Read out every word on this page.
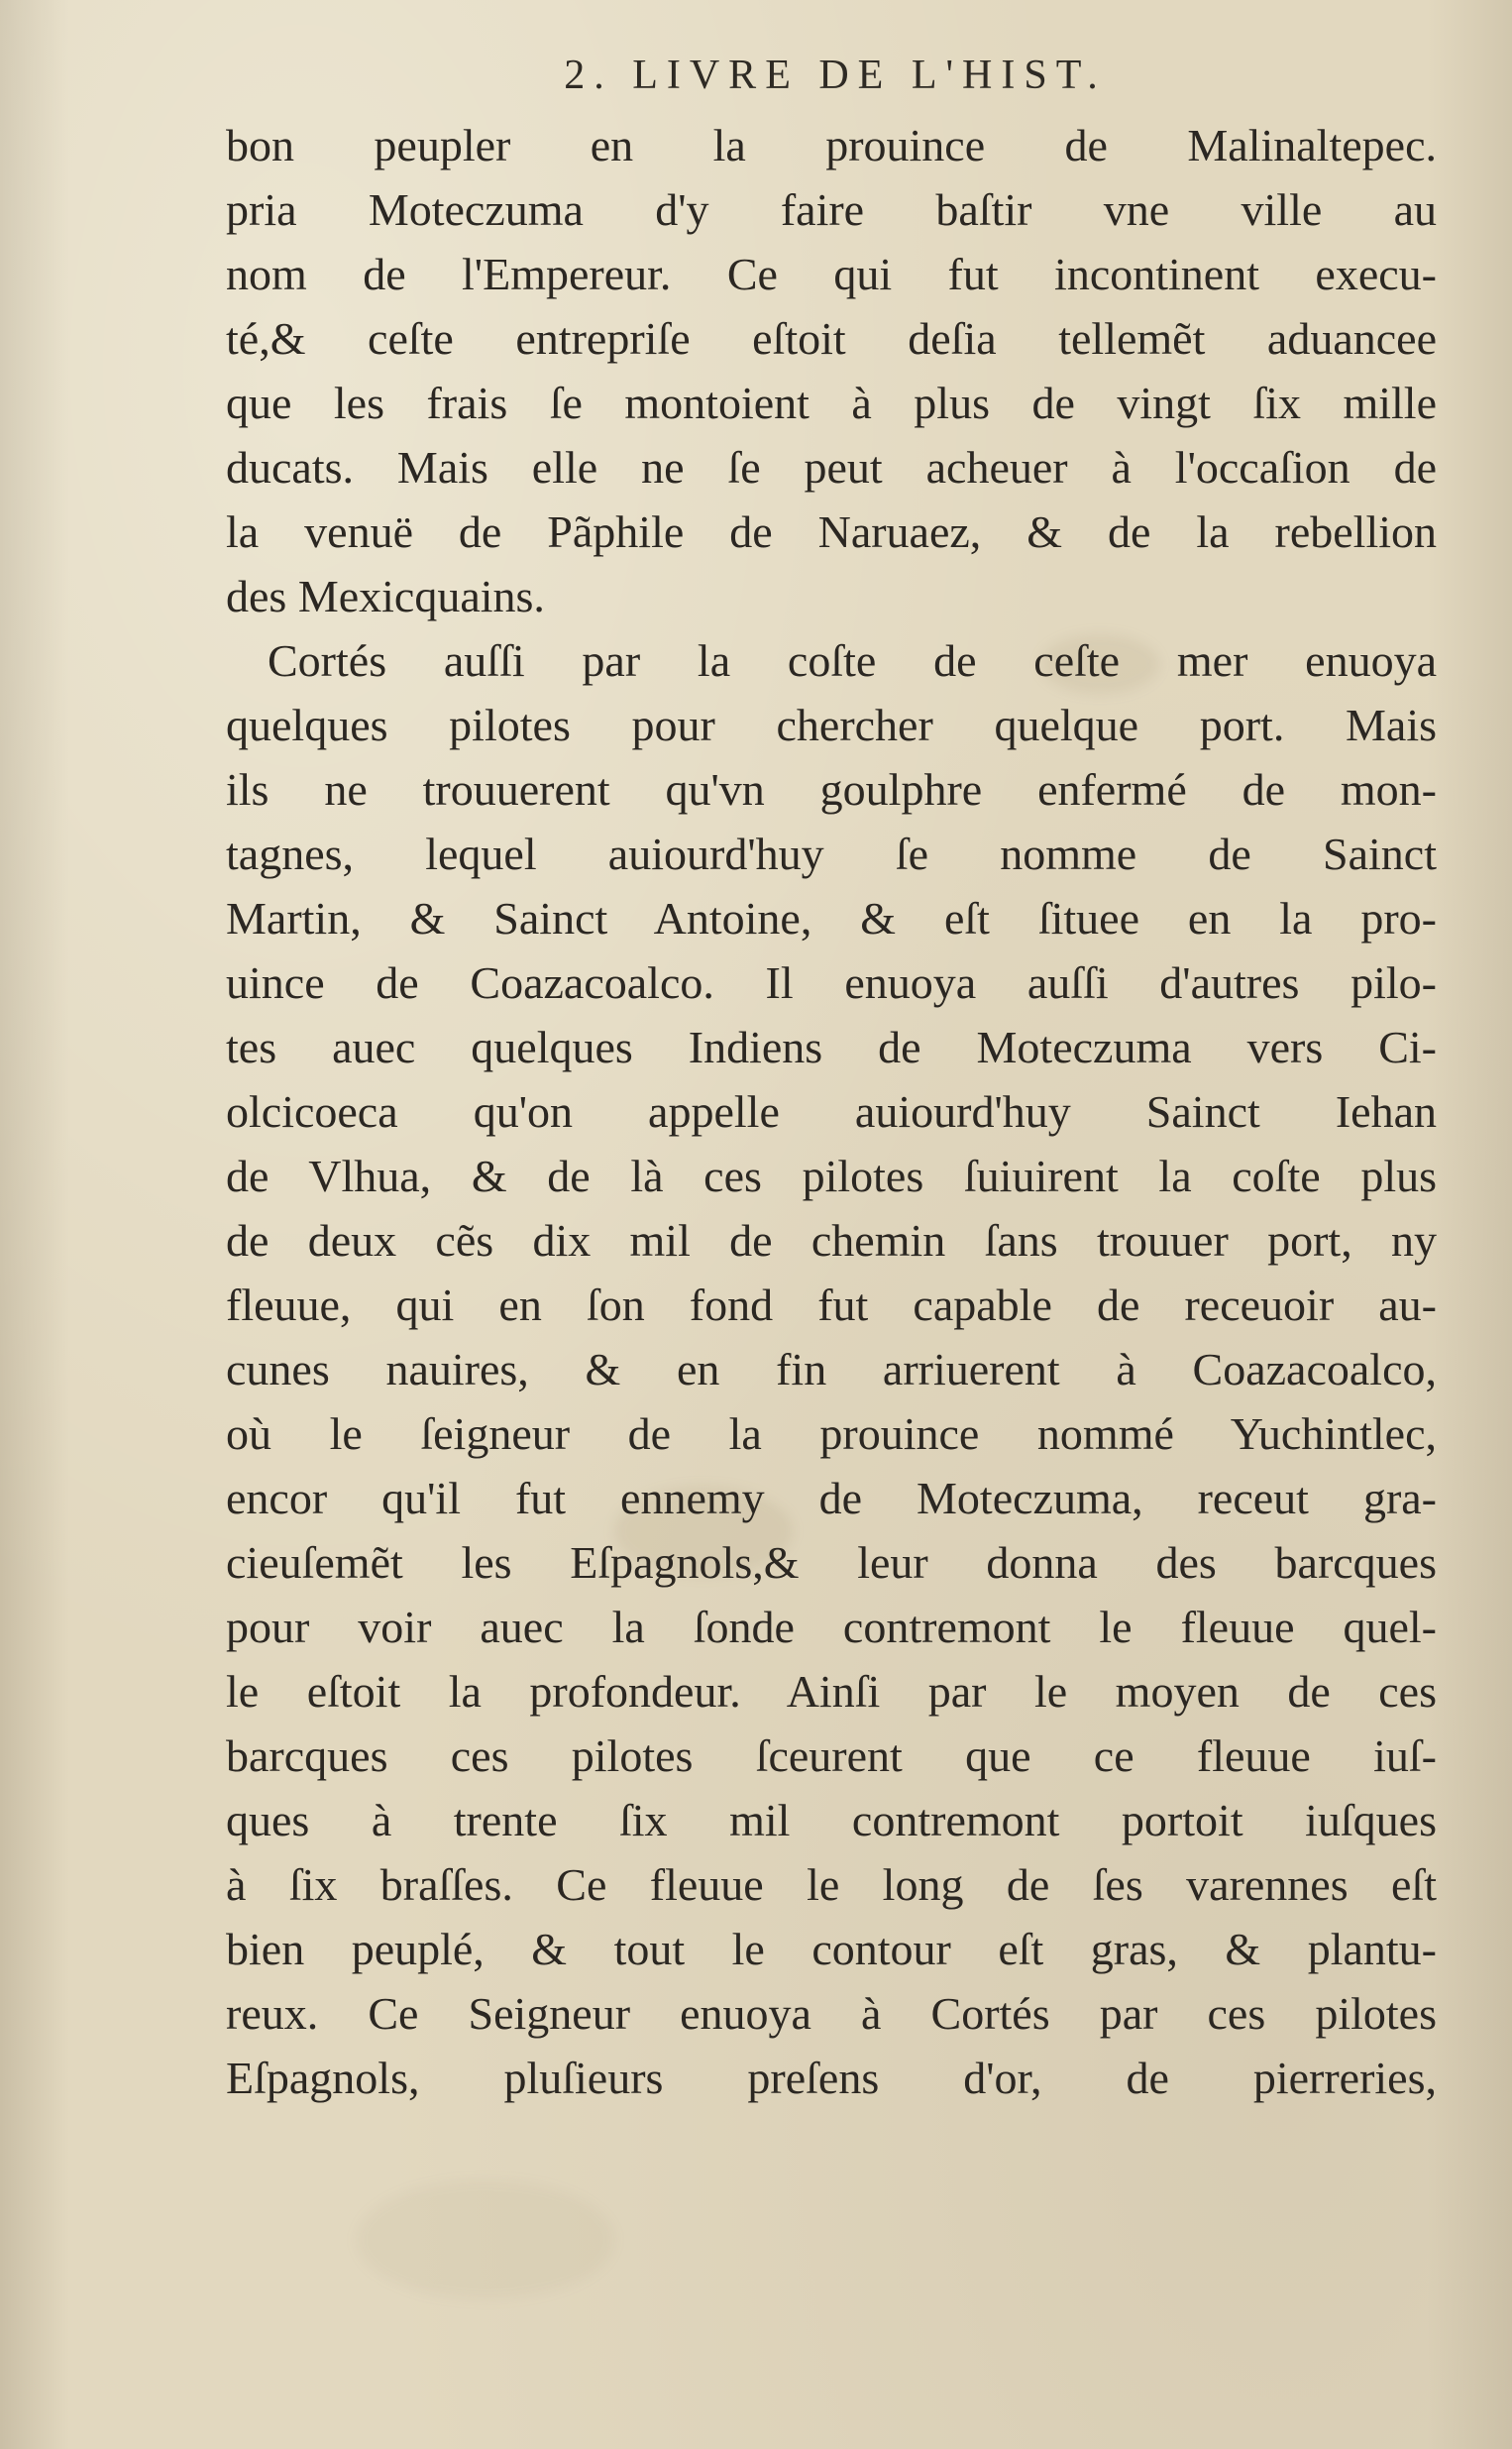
2. LIVRE DE L'HIST.
bon peupler en la prouince de Malinaltepec.
pria Moteczuma d'y faire baſtir vne ville au
nom de l'Empereur. Ce qui fut incontinent execu-
té,& ceſte entrepriſe eſtoit deſia tellemẽt aduancee
que les frais ſe montoient à plus de vingt ſix mille
ducats. Mais elle ne ſe peut acheuer à l'occaſion de
la venuë de Pãphile de Naruaez, & de la rebellion
des Mexicquains.
Cortés auſſi par la coſte de ceſte mer enuoya
quelques pilotes pour chercher quelque port. Mais
ils ne trouuerent qu'vn goulphre enfermé de mon-
tagnes, lequel auiourd'huy ſe nomme de Sainct
Martin, & Sainct Antoine, & eſt ſituee en la pro-
uince de Coazacoalco. Il enuoya auſſi d'autres pilo-
tes auec quelques Indiens de Moteczuma vers Ci-
olcicoeca qu'on appelle auiourd'huy Sainct Iehan
de Vlhua, & de là ces pilotes ſuiuirent la coſte plus
de deux cẽs dix mil de chemin ſans trouuer port, ny
fleuue, qui en ſon fond fut capable de receuoir au-
cunes nauires, & en fin arriuerent à Coazacoalco,
où le ſeigneur de la prouince nommé Yuchintlec,
encor qu'il fut ennemy de Moteczuma, receut gra-
cieuſemẽt les Eſpagnols,& leur donna des barcques
pour voir auec la ſonde contremont le fleuue quel-
le eſtoit la profondeur. Ainſi par le moyen de ces
barcques ces pilotes ſceurent que ce fleuue iuſ-
ques à trente ſix mil contremont portoit iuſques
à ſix braſſes. Ce fleuue le long de ſes varennes eſt
bien peuplé, & tout le contour eſt gras, & plantu-
reux. Ce Seigneur enuoya à Cortés par ces pilotes
Eſpagnols, pluſieurs preſens d'or, de pierreries,
